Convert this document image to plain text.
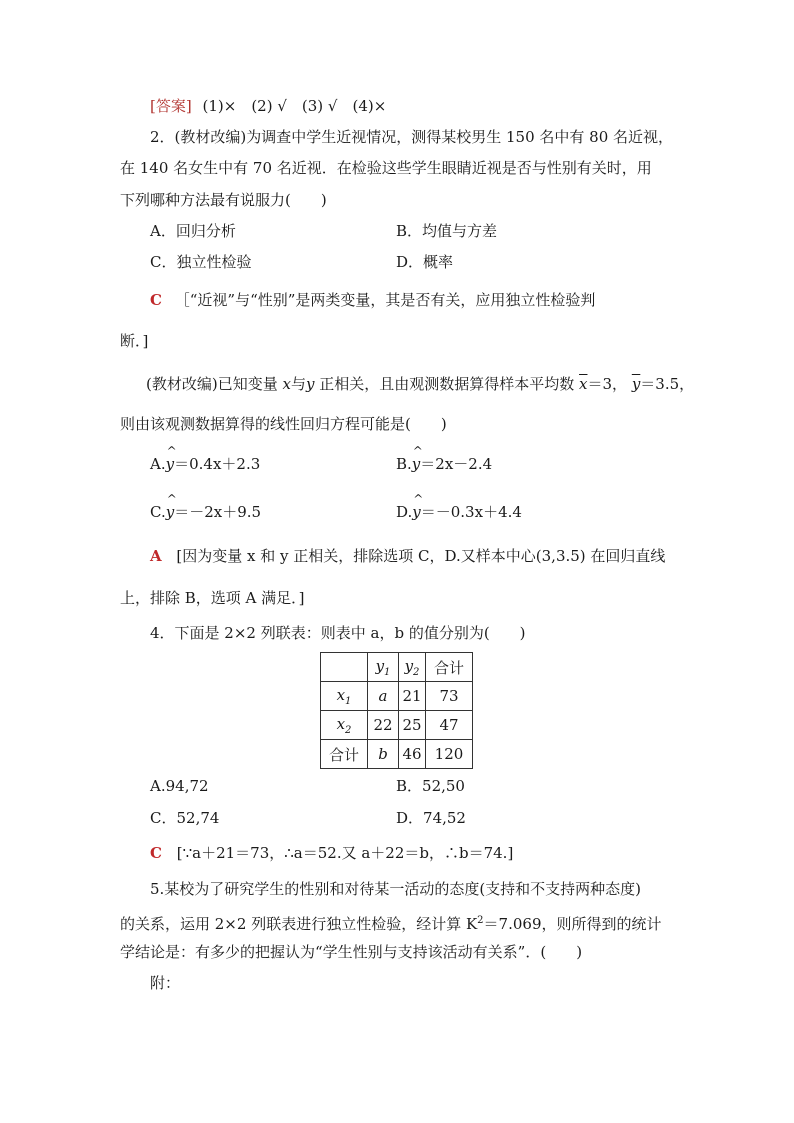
[答案] (1)×　(2) √　(3) √　(4)×
2．(教材改编)为调查中学生近视情况，测得某校男生 150 名中有 80 名近视，
在 140 名女生中有 70 名近视．在检验这些学生眼睛近视是否与性别有关时，用
下列哪种方法最有说服力(　　)
A．回归分析	B．均值与方差
C．独立性检验	D．概率
C ［“近视”与“性别”是两类变量，其是否有关，应用独立性检验判
断．]
(教材改编)已知变量 x与y 正相关，且由观测数据算得样本平均数 $\overline{x}=3$， $\overline{y}=3.5$，
则由该观测数据算得的线性回归方程可能是(　　)
A.^ y＝0.4x＋2.3	B.^ y＝2x－2.4
C.^ y＝－2x＋9.5	D.^ y＝－0.3x＋4.4
A [因为变量 x 和 y 正相关，排除选项 C，D.又样本中心(3,3.5) 在回归直线
上，排除 B，选项 A 满足．]
4．下面是 2×2 列联表：则表中 a，b 的值分别为(　　)
	$y_1$	$y_2$	合计
$x_1$	a	21	73
$x_2$	22	25	47
合计	b	46	120
A.94,72	B．52,50
C．52,74	D．74,52
C [∵a＋21＝73，∴a＝52.又 a＋22＝b，∴b＝74.]
5.某校为了研究学生的性别和对待某一活动的态度(支持和不支持两种态度)
的关系，运用 2×2 列联表进行独立性检验，经计算 $K^2=7.069$，则所得到的统计
学结论是：有多少的把握认为“学生性别与支持该活动有关系”．(　　)
附：
